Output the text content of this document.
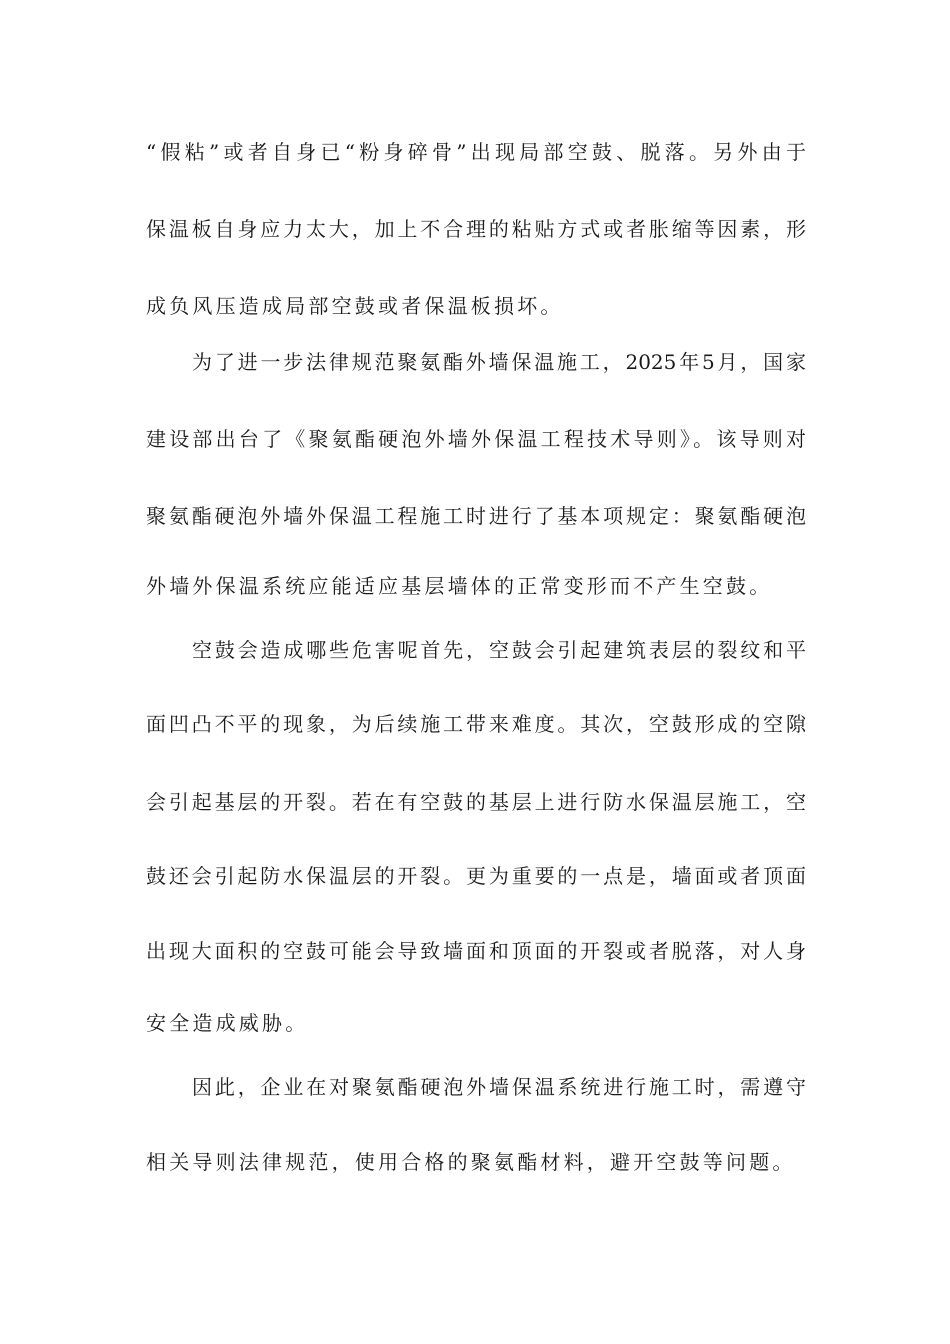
“假粘”或者自身已“粉身碎骨”出现局部空鼓、脱落。另外由于
保温板自身应力太大，加上不合理的粘贴方式或者胀缩等因素，形
成负风压造成局部空鼓或者保温板损坏。
为了进一步法律规范聚氨酯外墙保温施工，2025年5月，国家
建设部出台了《聚氨酯硬泡外墙外保温工程技术导则》。该导则对
聚氨酯硬泡外墙外保温工程施工时进行了基本项规定：聚氨酯硬泡
外墙外保温系统应能适应基层墙体的正常变形而不产生空鼓。
空鼓会造成哪些危害呢首先，空鼓会引起建筑表层的裂纹和平
面凹凸不平的现象，为后续施工带来难度。其次，空鼓形成的空隙
会引起基层的开裂。若在有空鼓的基层上进行防水保温层施工，空
鼓还会引起防水保温层的开裂。更为重要的一点是，墙面或者顶面
出现大面积的空鼓可能会导致墙面和顶面的开裂或者脱落，对人身
安全造成威胁。
因此，企业在对聚氨酯硬泡外墙保温系统进行施工时，需遵守
相关导则法律规范，使用合格的聚氨酯材料，避开空鼓等问题。
